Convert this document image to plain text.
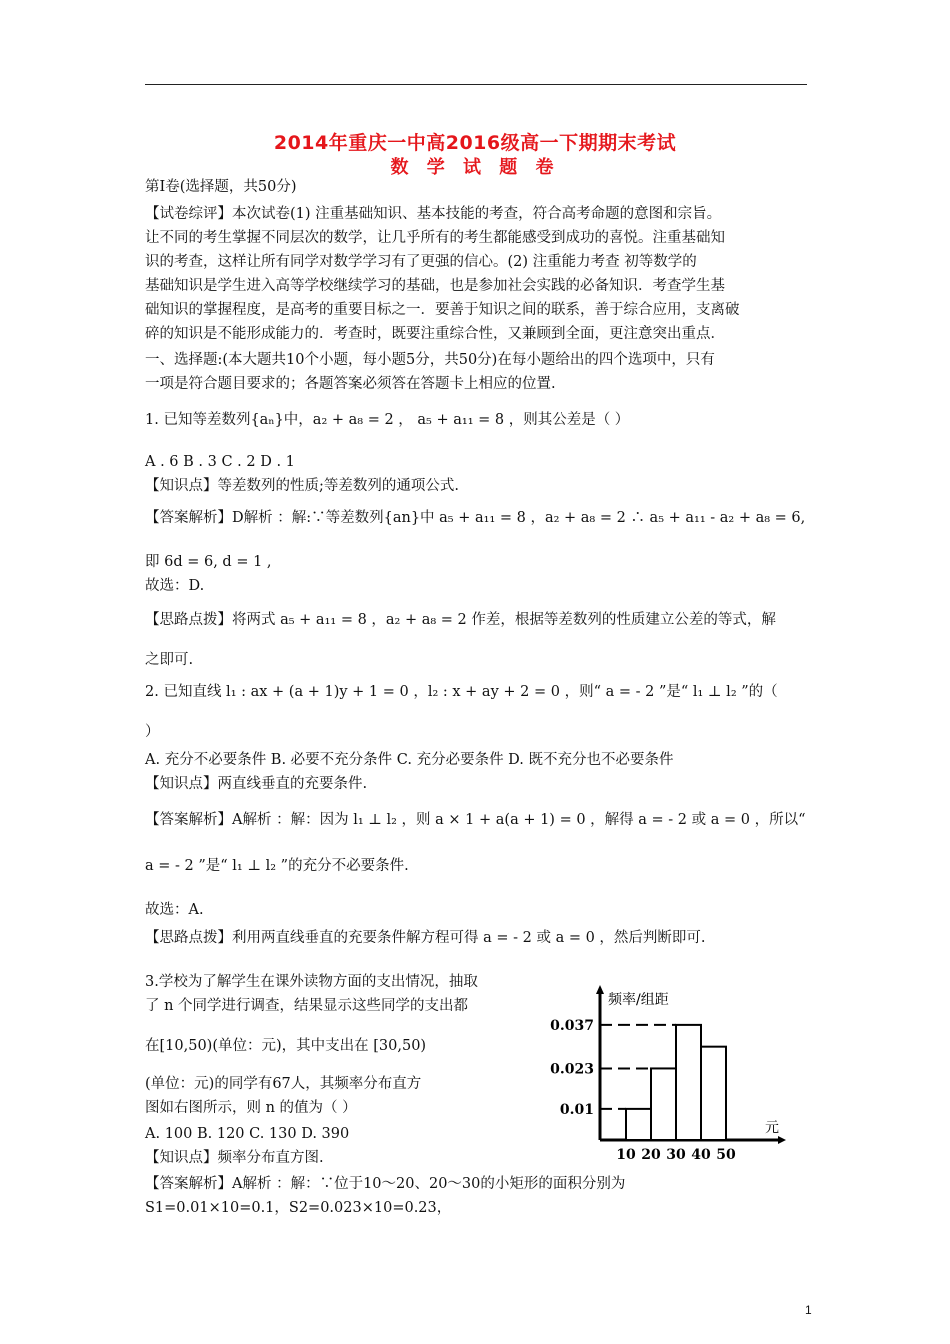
2014年重庆一中高2016级高一下期期末考试
数 学 试 题 卷
第Ⅰ卷(选择题，共50分)
【试卷综评】本次试卷(1) 注重基础知识、基本技能的考查，符合高考命题的意图和宗旨。
让不同的考生掌握不同层次的数学，让几乎所有的考生都能感受到成功的喜悦。注重基础知
识的考查，这样让所有同学对数学学习有了更强的信心。(2) 注重能力考查 初等数学的
基础知识是学生进入高等学校继续学习的基础，也是参加社会实践的必备知识．考查学生基
础知识的掌握程度，是高考的重要目标之一．要善于知识之间的联系，善于综合应用，支离破
碎的知识是不能形成能力的．考查时，既要注重综合性，又兼顾到全面，更注意突出重点．
一、选择题:(本大题共10个小题，每小题5分，共50分)在每小题给出的四个选项中，只有
一项是符合题目要求的；各题答案必须答在答题卡上相应的位置.
1. 已知等差数列{aₙ}中，a₂ + a₈ = 2 ， a₅ + a₁₁ = 8 ，则其公差是（ ）
A . 6 B . 3 C . 2 D . 1
【知识点】等差数列的性质;等差数列的通项公式.
【答案解析】D解析 ：解:∵等差数列{an}中 a₅ + a₁₁ = 8 ，a₂ + a₈ = 2 ∴ a₅ + a₁₁ - a₂ + a₈ = 6,
即 6d = 6, d = 1 ,
故选：D.
【思路点拨】将两式 a₅ + a₁₁ = 8 ，a₂ + a₈ = 2 作差，根据等差数列的性质建立公差的等式，解
之即可.
2. 已知直线 l₁ : ax + (a + 1)y + 1 = 0 ，l₂ : x + ay + 2 = 0 ，则“ a = - 2 ”是“ l₁ ⊥ l₂ ”的（
）
A. 充分不必要条件 B. 必要不充分条件 C. 充分必要条件 D. 既不充分也不必要条件
【知识点】两直线垂直的充要条件.
【答案解析】A解析 ：解：因为 l₁ ⊥ l₂ ，则 a × 1 + a(a + 1) = 0 ，解得 a = - 2 或 a = 0 ，所以“
a = - 2 ”是“ l₁ ⊥ l₂ ”的充分不必要条件.
故选：A.
【思路点拨】利用两直线垂直的充要条件解方程可得 a = - 2 或 a = 0 ，然后判断即可.
3.学校为了解学生在课外读物方面的支出情况，抽取
了 n 个同学进行调查，结果显示这些同学的支出都
在[10,50)(单位：元)，其中支出在 [30,50)
(单位：元)的同学有67人，其频率分布直方
图如右图所示，则 n 的值为（ ）
A. 100 B. 120 C. 130 D. 390
【知识点】频率分布直方图.
【答案解析】A解析 ：解：∵位于10～20、20～30的小矩形的面积分别为
S1=0.01×10=0.1，S2=0.023×10=0.23，
0.037
0.023
0.01
10 20 30 40 50
频率/组距
元
1
